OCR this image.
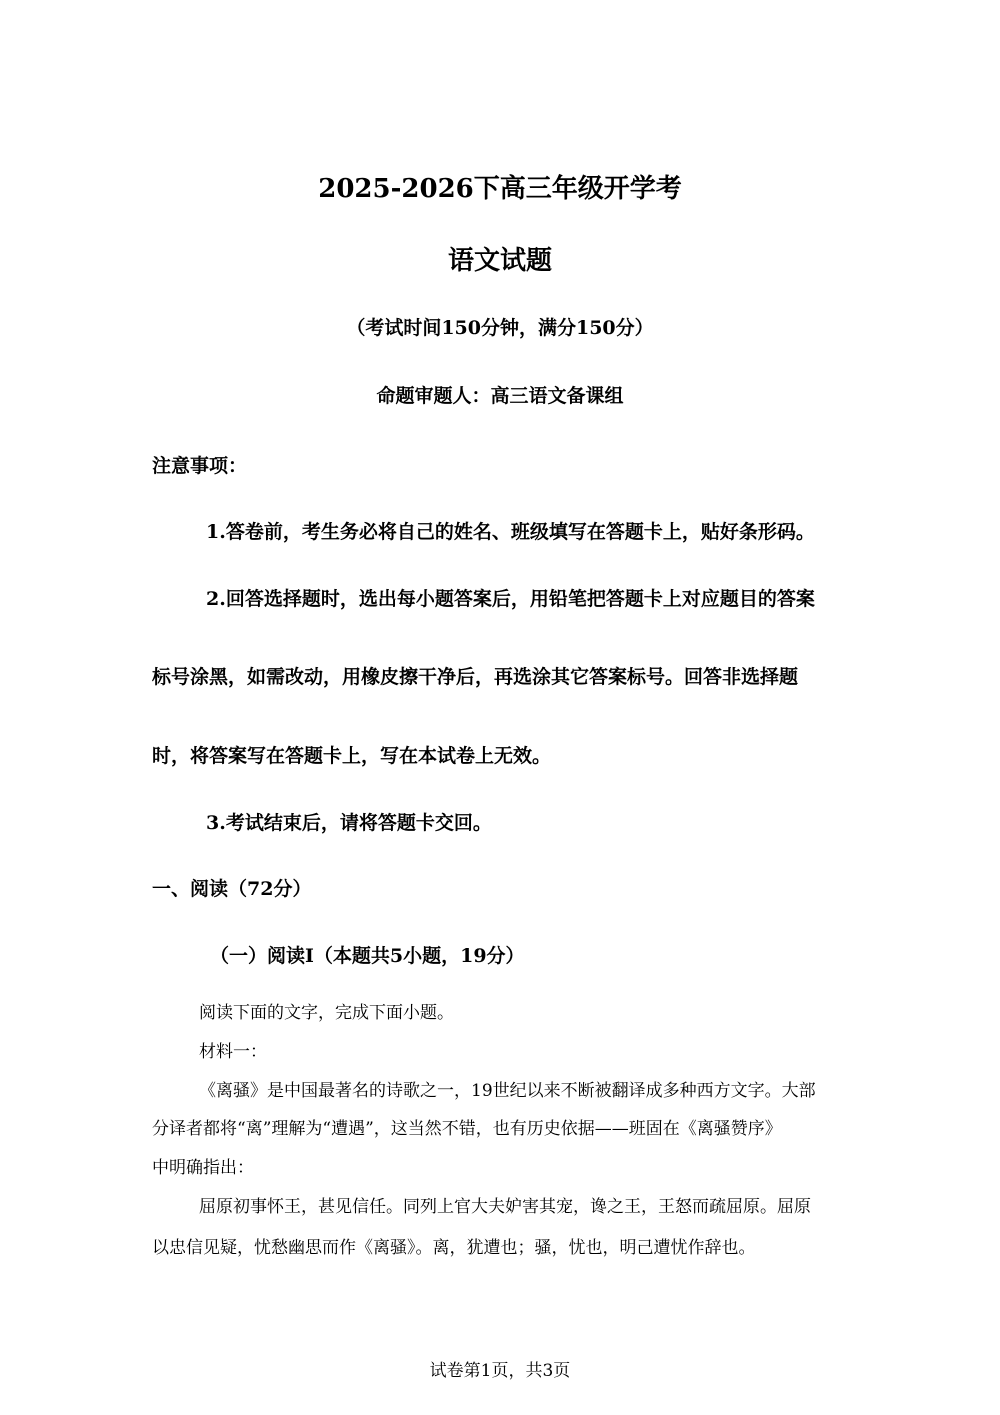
2025-2026下高三年级开学考
语文试题
（考试时间150分钟，满分150分）
命题审题人：高三语文备课组
注意事项：
1.答卷前，考生务必将自己的姓名、班级填写在答题卡上，贴好条形码。
2.回答选择题时，选出每小题答案后，用铅笔把答题卡上对应题目的答案
标号涂黑，如需改动，用橡皮擦干净后，再选涂其它答案标号。回答非选择题
时，将答案写在答题卡上，写在本试卷上无效。
3.考试结束后，请将答题卡交回。
一、阅读（72分）
（一）阅读I（本题共5小题，19分）
阅读下面的文字，完成下面小题。
材料一：
《离骚》是中国最著名的诗歌之一，19世纪以来不断被翻译成多种西方文字。大部
分译者都将“离”理解为“遭遇”，这当然不错，也有历史依据——班固在《离骚赞序》
中明确指出：
屈原初事怀王，甚见信任。同列上官大夫妒害其宠，谗之王，王怒而疏屈原。屈原
以忠信见疑，忧愁幽思而作《离骚》。离，犹遭也；骚，忧也，明己遭忧作辞也。
试卷第1页，共3页
